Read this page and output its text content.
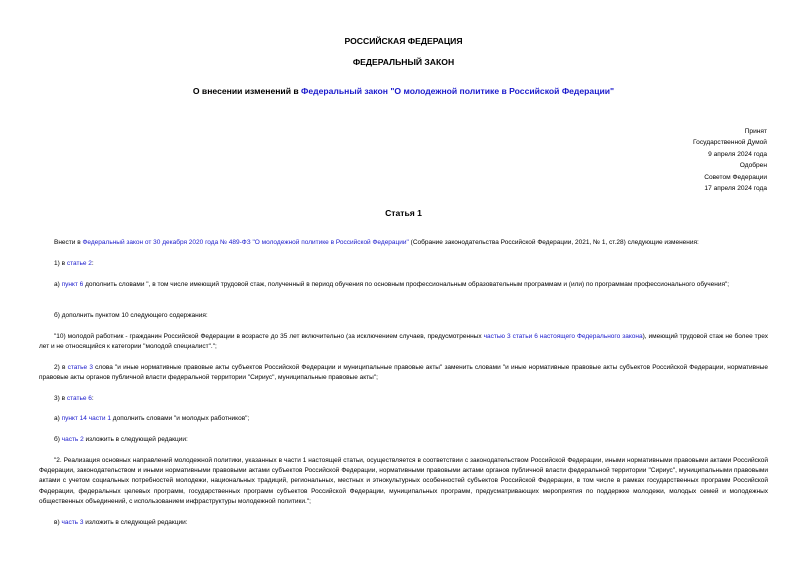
РОССИЙСКАЯ ФЕДЕРАЦИЯ
ФЕДЕРАЛЬНЫЙ ЗАКОН
О внесении изменений в Федеральный закон "О молодежной политике в Российской Федерации"
Принят
Государственной Думой
9 апреля 2024 года
Одобрен
Советом Федерации
17 апреля 2024 года
Статья 1

Внести в Федеральный закон от 30 декабря 2020 года № 489-ФЗ "О молодежной политике в Российской Федерации" (Собрание законодательства Российской Федерации, 2021, № 1, ст.28) следующие изменения:

1) в статье 2:

а) пункт 6 дополнить словами ", в том числе имеющий трудовой стаж, полученный в период обучения по основным профессиональным образовательным программам и (или) по программам профессионального обучения";

б) дополнить пунктом 10 следующего содержания:

"10) молодой работник - гражданин Российской Федерации в возрасте до 35 лет включительно (за исключением случаев, предусмотренных частью 3 статьи 6 настоящего Федерального закона), имеющий трудовой стаж не более трех лет и не относящийся к категории "молодой специалист".";

2) в статье 3 слова "и иные нормативные правовые акты субъектов Российской Федерации и муниципальные правовые акты" заменить словами "и иные нормативные правовые акты субъектов Российской Федерации, нормативные правовые акты органов публичной власти федеральной территории "Сириус", муниципальные правовые акты";

3) в статье 6:

а) пункт 14 части 1 дополнить словами "и молодых работников";

б) часть 2 изложить в следующей редакции:

"2. Реализация основных направлений молодежной политики, указанных в части 1 настоящей статьи, осуществляется в соответствии с законодательством Российской Федерации, иными нормативными правовыми актами Российской Федерации, законодательством и иными нормативными правовыми актами субъектов Российской Федерации, нормативными правовыми актами органов публичной власти федеральной территории "Сириус", муниципальными правовыми актами с учетом социальных потребностей молодежи, национальных традиций, региональных, местных и этнокультурных особенностей субъектов Российской Федерации, в том числе в рамках государственных программ Российской Федерации, федеральных целевых программ, государственных программ субъектов Российской Федерации, муниципальных программ, предусматривающих мероприятия по поддержке молодежи, молодых семей и молодежных общественных объединений, с использованием инфраструктуры молодежной политики.";

в) часть 3 изложить в следующей редакции:
